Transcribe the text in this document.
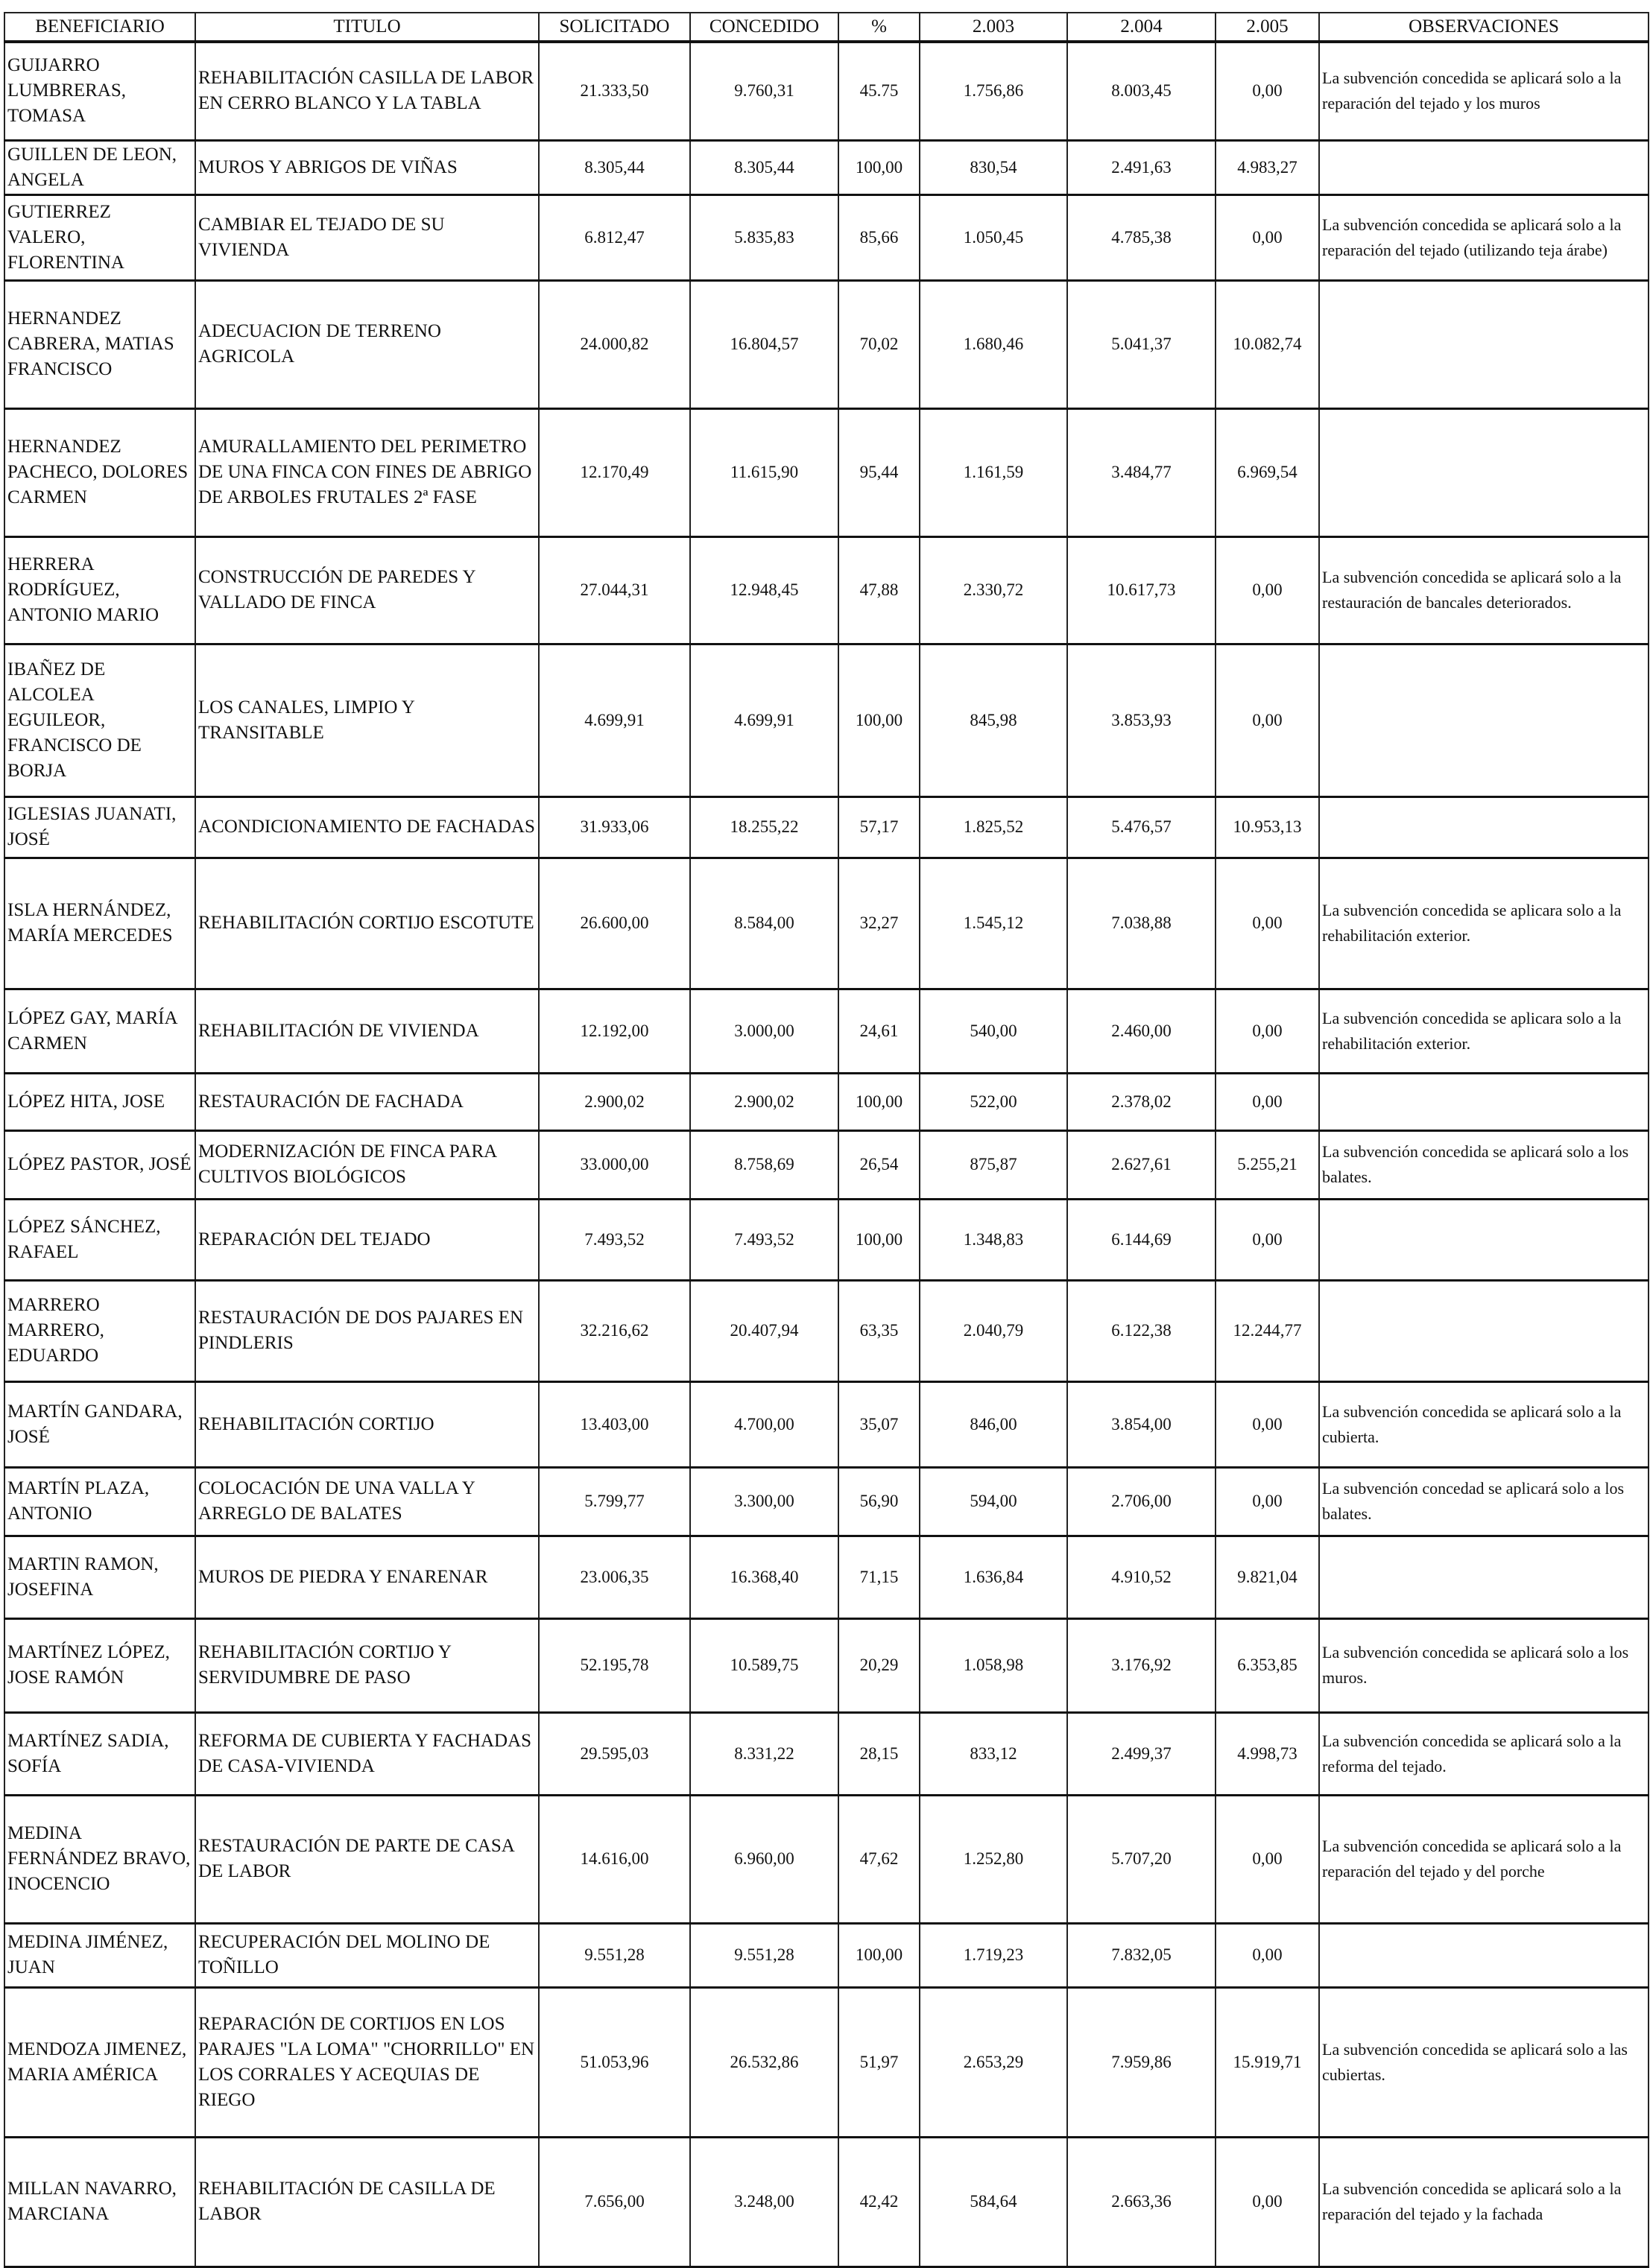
BENEFICIARIO	TITULO	SOLICITADO	CONCEDIDO	%	2.003	2.004	2.005	OBSERVACIONES
GUIJARRO LUMBRERAS, TOMASA	REHABILITACIÓN CASILLA DE LABOR EN CERRO BLANCO Y LA TABLA	21.333,50	9.760,31	45.75	1.756,86	8.003,45	0,00	La subvención concedida se aplicará solo a la reparación del tejado y los muros
GUILLEN DE LEON, ANGELA	MUROS Y ABRIGOS DE VIÑAS	8.305,44	8.305,44	100,00	830,54	2.491,63	4.983,27	
GUTIERREZ VALERO, FLORENTINA	CAMBIAR EL TEJADO DE SU VIVIENDA	6.812,47	5.835,83	85,66	1.050,45	4.785,38	0,00	La subvención concedida se aplicará solo a la reparación del tejado (utilizando teja árabe)
HERNANDEZ CABRERA, MATIAS FRANCISCO	ADECUACION DE TERRENO AGRICOLA	24.000,82	16.804,57	70,02	1.680,46	5.041,37	10.082,74	
HERNANDEZ PACHECO, DOLORES CARMEN	AMURALLAMIENTO DEL PERIMETRO DE UNA FINCA CON FINES DE ABRIGO DE ARBOLES FRUTALES 2ª FASE	12.170,49	11.615,90	95,44	1.161,59	3.484,77	6.969,54	
HERRERA RODRÍGUEZ, ANTONIO MARIO	CONSTRUCCIÓN DE PAREDES Y VALLADO DE FINCA	27.044,31	12.948,45	47,88	2.330,72	10.617,73	0,00	La subvención concedida se aplicará solo a la restauración de bancales deteriorados.
IBAÑEZ DE ALCOLEA EGUILEOR, FRANCISCO DE BORJA	LOS CANALES, LIMPIO Y TRANSITABLE	4.699,91	4.699,91	100,00	845,98	3.853,93	0,00	
IGLESIAS JUANATI, JOSÉ	ACONDICIONAMIENTO DE FACHADAS	31.933,06	18.255,22	57,17	1.825,52	5.476,57	10.953,13	
ISLA HERNÁNDEZ, MARÍA MERCEDES	REHABILITACIÓN CORTIJO ESCOTUTE	26.600,00	8.584,00	32,27	1.545,12	7.038,88	0,00	La subvención concedida se aplicara solo a la rehabilitación exterior.
LÓPEZ GAY, MARÍA CARMEN	REHABILITACIÓN DE VIVIENDA	12.192,00	3.000,00	24,61	540,00	2.460,00	0,00	La subvención concedida se aplicara solo a la rehabilitación exterior.
LÓPEZ HITA, JOSE	RESTAURACIÓN DE FACHADA	2.900,02	2.900,02	100,00	522,00	2.378,02	0,00	
LÓPEZ PASTOR, JOSÉ	MODERNIZACIÓN DE FINCA PARA CULTIVOS BIOLÓGICOS	33.000,00	8.758,69	26,54	875,87	2.627,61	5.255,21	La subvención concedida se aplicará solo a los balates.
LÓPEZ SÁNCHEZ, RAFAEL	REPARACIÓN DEL TEJADO	7.493,52	7.493,52	100,00	1.348,83	6.144,69	0,00	
MARRERO MARRERO, EDUARDO	RESTAURACIÓN DE DOS PAJARES EN PINDLERIS	32.216,62	20.407,94	63,35	2.040,79	6.122,38	12.244,77	
MARTÍN GANDARA, JOSÉ	REHABILITACIÓN CORTIJO	13.403,00	4.700,00	35,07	846,00	3.854,00	0,00	La subvención concedida se aplicará solo a la cubierta.
MARTÍN PLAZA, ANTONIO	COLOCACIÓN DE UNA VALLA Y ARREGLO DE BALATES	5.799,77	3.300,00	56,90	594,00	2.706,00	0,00	La subvención concedad se aplicará solo a los balates.
MARTIN RAMON, JOSEFINA	MUROS DE PIEDRA Y ENARENAR	23.006,35	16.368,40	71,15	1.636,84	4.910,52	9.821,04	
MARTÍNEZ LÓPEZ, JOSE RAMÓN	REHABILITACIÓN CORTIJO Y SERVIDUMBRE DE PASO	52.195,78	10.589,75	20,29	1.058,98	3.176,92	6.353,85	La subvención concedida se aplicará solo a los muros.
MARTÍNEZ SADIA, SOFÍA	REFORMA DE CUBIERTA Y FACHADAS DE CASA-VIVIENDA	29.595,03	8.331,22	28,15	833,12	2.499,37	4.998,73	La subvención concedida se aplicará solo a la reforma del tejado.
MEDINA FERNÁNDEZ BRAVO, INOCENCIO	RESTAURACIÓN DE PARTE DE CASA DE LABOR	14.616,00	6.960,00	47,62	1.252,80	5.707,20	0,00	La subvención concedida se aplicará solo a la reparación del tejado y del porche
MEDINA JIMÉNEZ, JUAN	RECUPERACIÓN DEL MOLINO DE TOÑILLO	9.551,28	9.551,28	100,00	1.719,23	7.832,05	0,00	
MENDOZA JIMENEZ, MARIA AMÉRICA	REPARACIÓN DE CORTIJOS EN LOS PARAJES "LA LOMA" "CHORRILLO" EN LOS CORRALES Y ACEQUIAS DE RIEGO	51.053,96	26.532,86	51,97	2.653,29	7.959,86	15.919,71	La subvención concedida se aplicará solo a las cubiertas.
MILLAN NAVARRO, MARCIANA	REHABILITACIÓN DE CASILLA DE LABOR	7.656,00	3.248,00	42,42	584,64	2.663,36	0,00	La subvención concedida se aplicará solo a la reparación del tejado y la fachada
